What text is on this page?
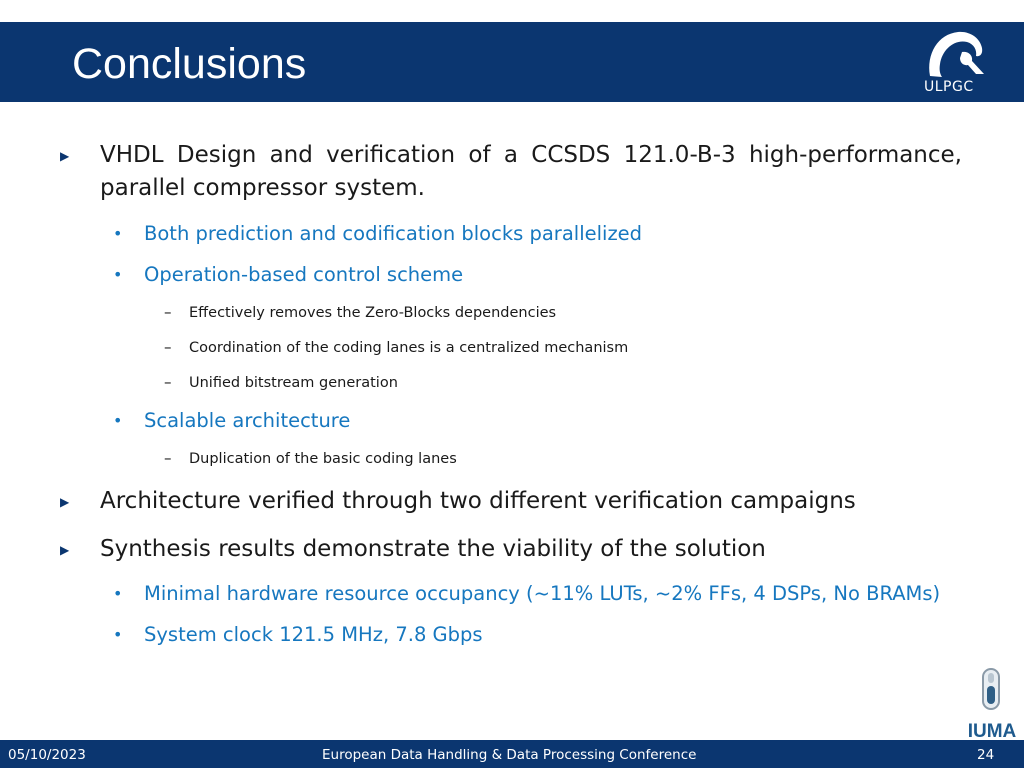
Conclusions	ULPGC
▶ VHDL Design and verification of a CCSDS 121.0-B-3 high-performance, parallel compressor system.
• Both prediction and codification blocks parallelized
• Operation-based control scheme
– Effectively removes the Zero-Blocks dependencies
– Coordination of the coding lanes is a centralized mechanism
– Unified bitstream generation
• Scalable architecture
– Duplication of the basic coding lanes
▶ Architecture verified through two different verification campaigns
▶ Synthesis results demonstrate the viability of the solution
• Minimal hardware resource occupancy (~11% LUTs, ~2% FFs, 4 DSPs, No BRAMs)
• System clock 121.5 MHz, 7.8 Gbps
IUMA
05/10/2023	European Data Handling & Data Processing Conference	24
